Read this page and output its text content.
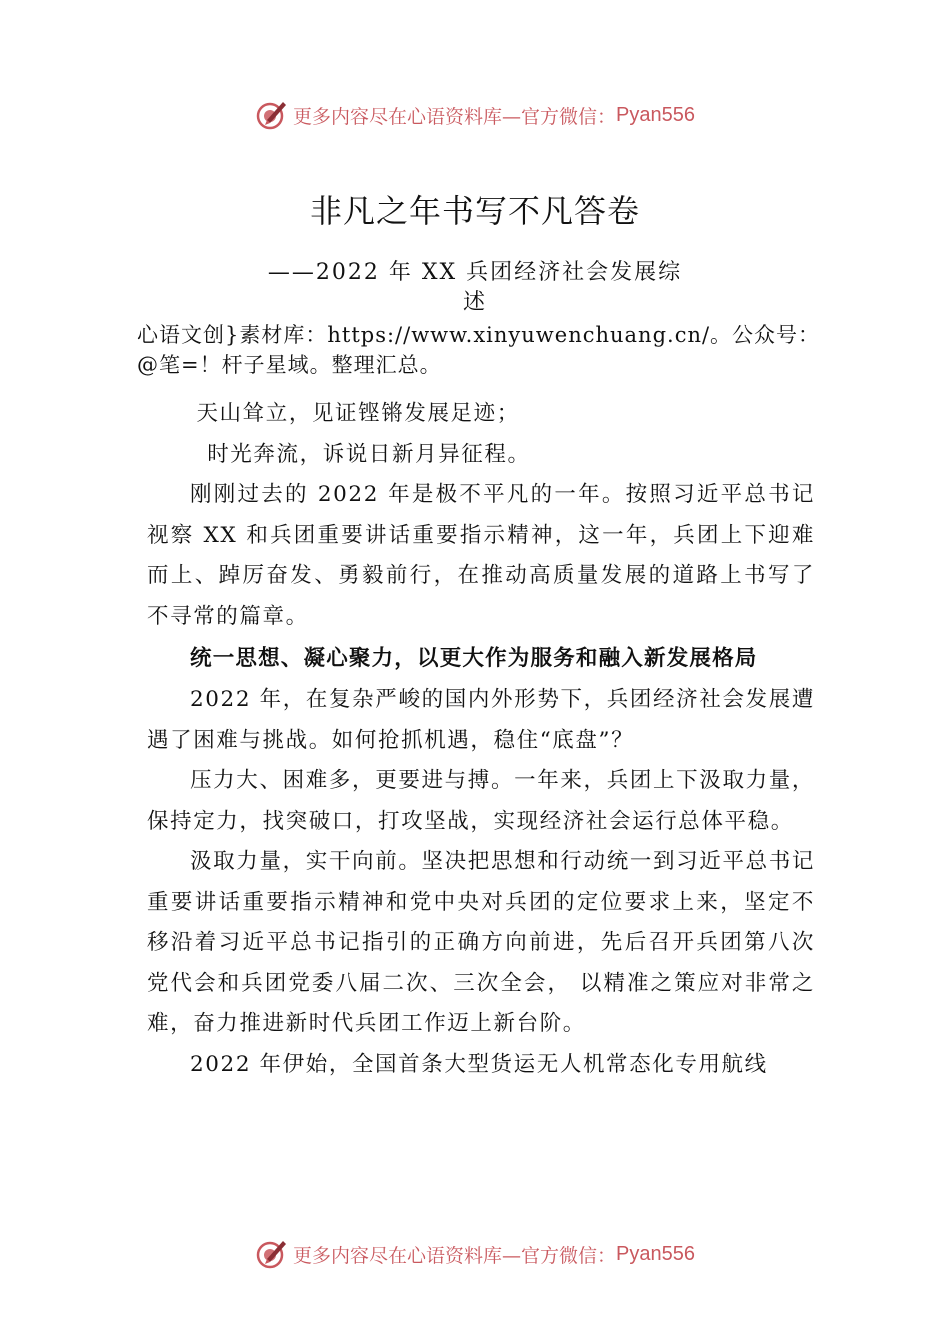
更多内容尽在心语资料库—官方微信： Pyan556
非凡之年书写不凡答卷
——2022 年 XX 兵团经济社会发展综
述
心语文创}素材库：https://www.xinyuwenchuang.cn/。公众号：@笔=！杆子星域。整理汇总。

天山耸立，见证铿锵发展足迹；

时光奔流，诉说日新月异征程。

刚刚过去的 2022 年是极不平凡的一年。按照习近平总书记视察 XX 和兵团重要讲话重要指示精神，这一年，兵团上下迎难而上、踔厉奋发、勇毅前行，在推动高质量发展的道路上书写了不寻常的篇章。

统一思想、凝心聚力，以更大作为服务和融入新发展格局

2022 年，在复杂严峻的国内外形势下，兵团经济社会发展遭遇了困难与挑战。如何抢抓机遇，稳住“底盘”？

压力大、困难多，更要进与搏。一年来，兵团上下汲取力量，保持定力，找突破口，打攻坚战，实现经济社会运行总体平稳。

汲取力量，实干向前。坚决把思想和行动统一到习近平总书记重要讲话重要指示精神和党中央对兵团的定位要求上来，坚定不移沿着习近平总书记指引的正确方向前进，先后召开兵团第八次党代会和兵团党委八届二次、三次全会， 以精准之策应对非常之难，奋力推进新时代兵团工作迈上新台阶。

2022 年伊始，全国首条大型货运无人机常态化专用航线

更多内容尽在心语资料库—官方微信： Pyan556
